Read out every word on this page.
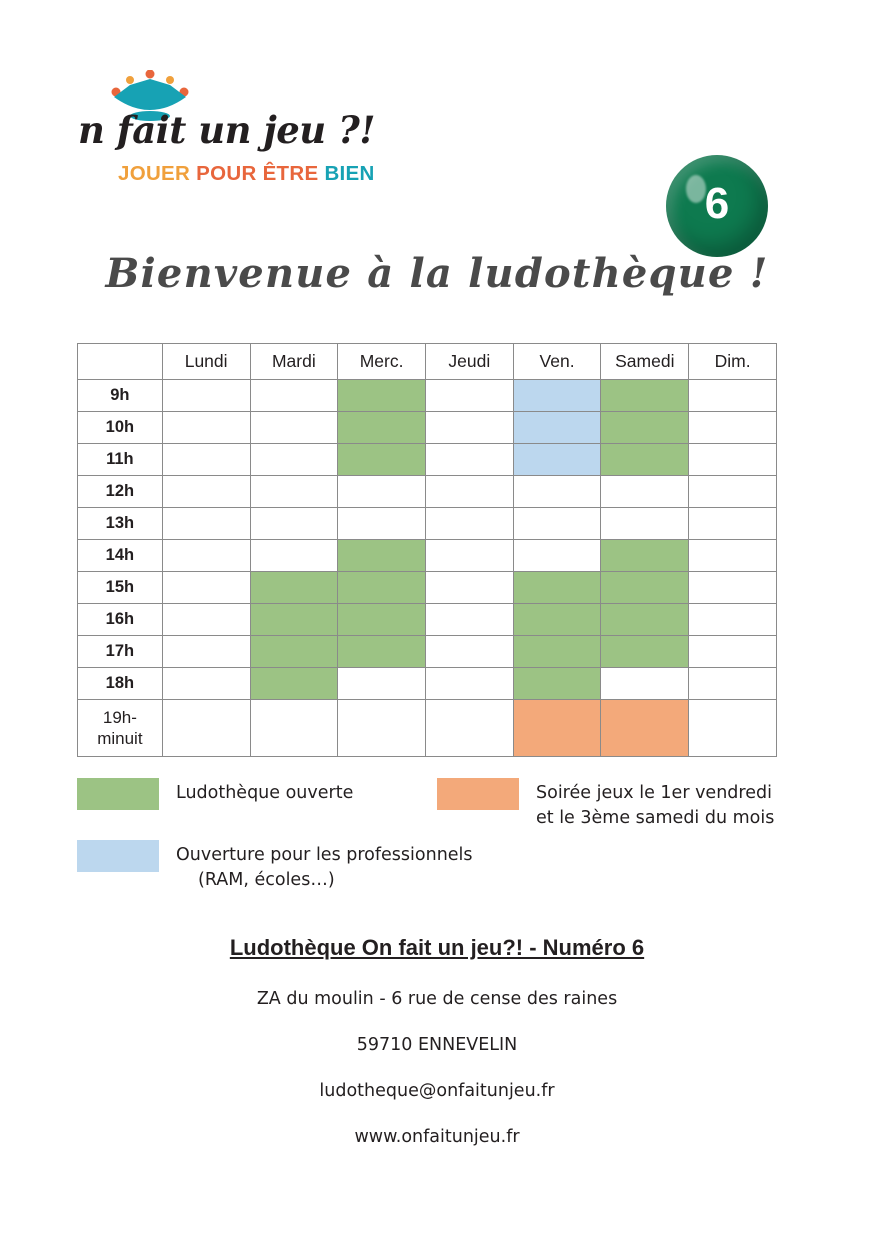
n fait un jeu ?!
JOUER POUR ÊTRE BIEN
6
Bienvenue à la ludothèque !
	Lundi	Mardi	Merc.	Jeudi	Ven.	Samedi	Dim.
9h							
10h							
11h							
12h							
13h							
14h							
15h							
16h							
17h							
18h							
19h-
minuit							
Ludothèque ouverte	Soirée jeux le 1er vendredi
et le 3ème samedi du mois
Ouverture pour les professionnels
(RAM, écoles…)
Ludothèque On fait un jeu?! - Numéro 6
ZA du moulin - 6 rue de cense des raines
59710 ENNEVELIN
ludotheque@onfaitunjeu.fr
www.onfaitunjeu.fr
